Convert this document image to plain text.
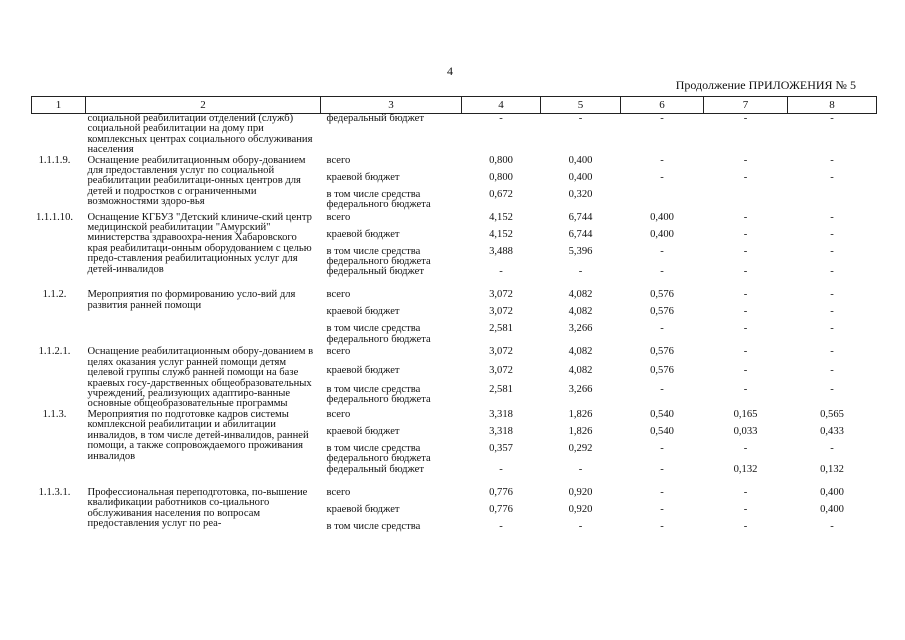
4
Продолжение ПРИЛОЖЕНИЯ № 5
1	2	3	4	5	6	7	8
	социальной реабилитации отделений (служб) социальной реабилитации на дому при комплексных центрах социального обслуживания населения	федеральный бюджет	-	-	-	-	-
1.1.1.9.	Оснащение реабилитационным обору-дованием для предоставления услуг по социальной реабилитации реабилитаци-онных центров для детей и подростков с ограниченными возможностями здоро-вья	всего	0,800	0,400	-	-	-
		краевой бюджет	0,800	0,400	-	-	-
		в том числе средства федерального бюджета	0,672	0,320			
1.1.1.10.	Оснащение КГБУЗ "Детский клиниче-ский центр медицинской реабилитации "Амурский" министерства здравоохра-нения Хабаровского края реабилитаци-онным оборудованием с целью предо-ставления реабилитационных услуг для детей-инвалидов	всего	4,152	6,744	0,400	-	-
		краевой бюджет	4,152	6,744	0,400	-	-
		в том числе средства федерального бюджета	3,488	5,396	-	-	-
		федеральный бюджет	-	-	-	-	-
1.1.2.	Мероприятия по формированию усло-вий для развития ранней помощи	всего	3,072	4,082	0,576	-	-
		краевой бюджет	3,072	4,082	0,576	-	-
		в том числе средства федерального бюджета	2,581	3,266	-	-	-
1.1.2.1.	Оснащение реабилитационным обору-дованием в целях оказания услуг ранней помощи детям целевой группы служб ранней помощи на базе краевых госу-дарственных общеобразовательных учреждений, реализующих адаптиро-ванные основные общеобразовательные программы	всего	3,072	4,082	0,576	-	-
		краевой бюджет	3,072	4,082	0,576	-	-
		в том числе средства федерального бюджета	2,581	3,266	-	-	-
1.1.3.	Мероприятия по подготовке кадров системы комплексной реабилитации и абилитации инвалидов, в том числе детей-инвалидов, ранней помощи, а также сопровождаемого проживания инвалидов	всего	3,318	1,826	0,540	0,165	0,565
		краевой бюджет	3,318	1,826	0,540	0,033	0,433
		в том числе средства федерального бюджета	0,357	0,292	-	-	-
		федеральный бюджет	-	-	-	0,132	0,132
1.1.3.1.	Профессиональная переподготовка, по-вышение квалификации работников со-циального обслуживания населения по вопросам предоставления услуг по реа-	всего	0,776	0,920	-	-	0,400
		краевой бюджет	0,776	0,920	-	-	0,400
		в том числе средства	-	-	-	-	-
